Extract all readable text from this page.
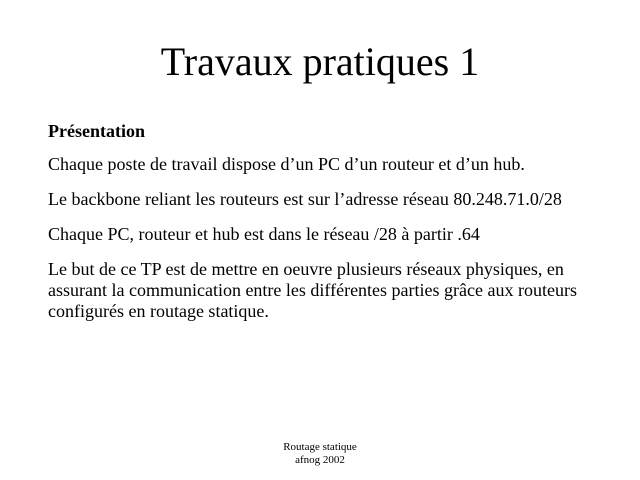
Travaux pratiques 1

Présentation

Chaque poste de travail dispose d’un PC d’un routeur et d’un hub.

Le backbone reliant les routeurs est sur l’adresse réseau 80.248.71.0/28

Chaque PC, routeur et hub est dans le réseau /28 à partir .64

Le but de ce TP est de mettre en oeuvre plusieurs réseaux physiques, en assurant la communication entre les différentes parties grâce aux routeurs configurés en routage statique.

Routage statique
afnog 2002
